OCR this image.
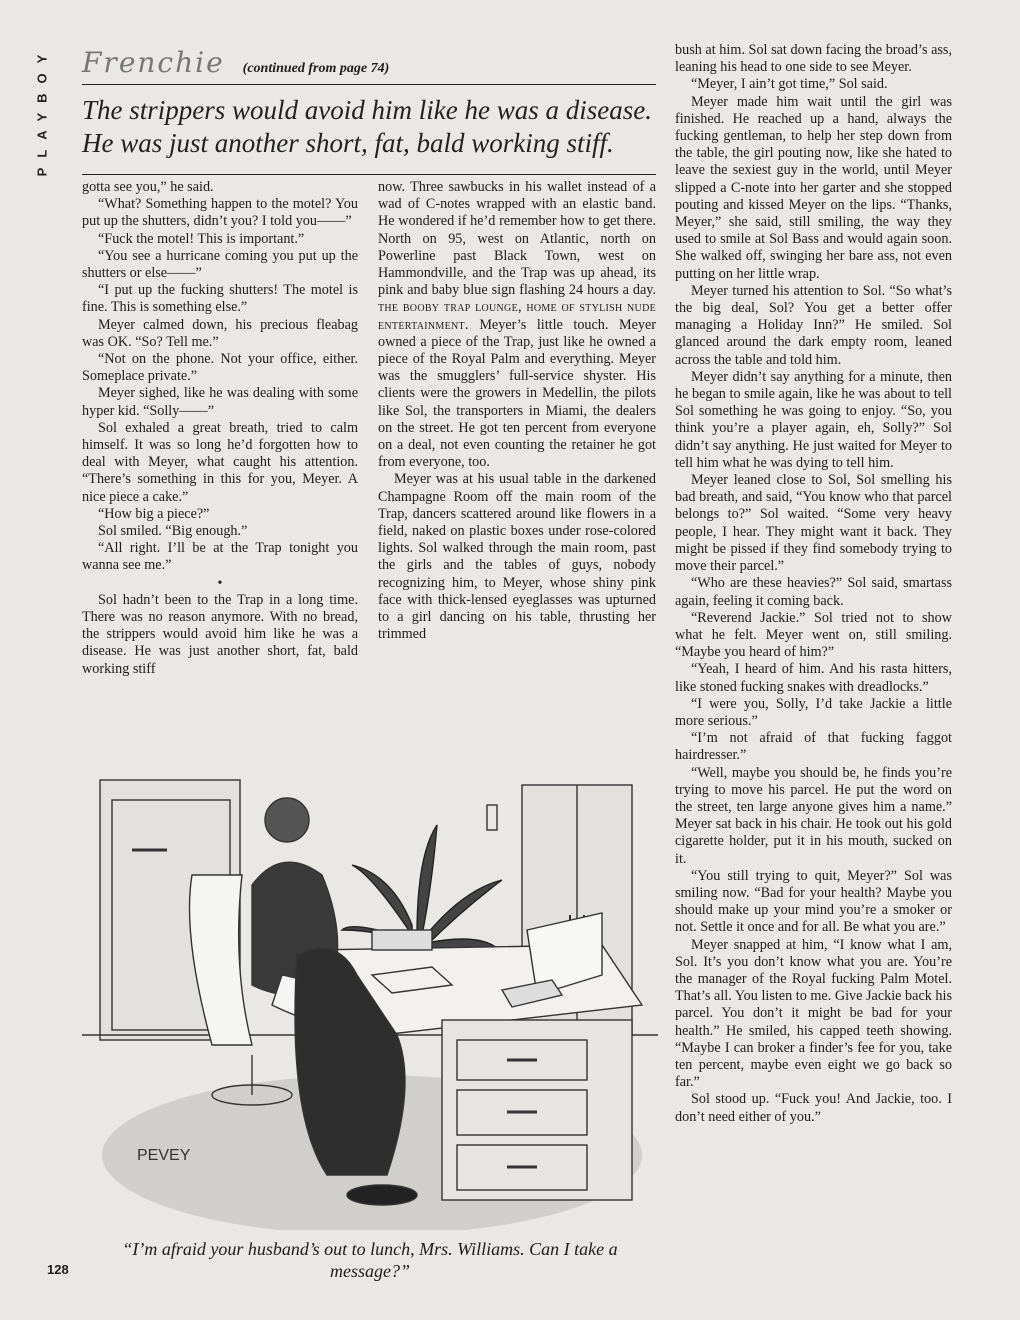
PLAYBOY Frenchie (continued from page 74)
The strippers would avoid him like he was a disease. He was just another short, fat, bald working stiff.

gotta see you,” he said.

“What? Something happen to the motel? You put up the shutters, didn’t you? I told you——”

“Fuck the motel! This is important.”

“You see a hurricane coming you put up the shutters or else——”

“I put up the fucking shutters! The motel is fine. This is something else.”

Meyer calmed down, his precious fleabag was OK. “So? Tell me.”

“Not on the phone. Not your office, either. Someplace private.”

Meyer sighed, like he was dealing with some hyper kid. “Solly——”

Sol exhaled a great breath, tried to calm himself. It was so long he’d forgotten how to deal with Meyer, what caught his attention. “There’s something in this for you, Meyer. A nice piece a cake.”

“How big a piece?”

Sol smiled. “Big enough.”

“All right. I’ll be at the Trap tonight you wanna see me.”

•

Sol hadn’t been to the Trap in a long time. There was no reason anymore. With no bread, the strippers would avoid him like he was a disease. He was just another short, fat, bald working stiff

now. Three sawbucks in his wallet instead of a wad of C-notes wrapped with an elastic band. He wondered if he’d remember how to get there. North on 95, west on Atlantic, north on Powerline past Black Town, west on Hammondville, and the Trap was up ahead, its pink and baby blue sign flashing 24 hours a day. the booby trap lounge, home of stylish nude entertainment. Meyer’s little touch. Meyer owned a piece of the Trap, just like he owned a piece of the Royal Palm and everything. Meyer was the smugglers’ full-service shyster. His clients were the growers in Medellin, the pilots like Sol, the transporters in Miami, the dealers on the street. He got ten percent from everyone on a deal, not even counting the retainer he got from everyone, too.

Meyer was at his usual table in the darkened Champagne Room off the main room of the Trap, dancers scattered around like flowers in a field, naked on plastic boxes under rose-colored lights. Sol walked through the main room, past the girls and the tables of guys, nobody recognizing him, to Meyer, whose shiny pink face with thick-lensed eyeglasses was upturned to a girl dancing on his table, thrusting her trimmed

bush at him. Sol sat down facing the broad’s ass, leaning his head to one side to see Meyer.

“Meyer, I ain’t got time,” Sol said.

Meyer made him wait until the girl was finished. He reached up a hand, always the fucking gentleman, to help her step down from the table, the girl pouting now, like she hated to leave the sexiest guy in the world, until Meyer slipped a C-note into her garter and she stopped pouting and kissed Meyer on the lips. “Thanks, Meyer,” she said, still smiling, the way they used to smile at Sol Bass and would again soon. She walked off, swinging her bare ass, not even putting on her little wrap.

Meyer turned his attention to Sol. “So what’s the big deal, Sol? You get a better offer managing a Holiday Inn?” He smiled. Sol glanced around the dark empty room, leaned across the table and told him.

Meyer didn’t say anything for a minute, then he began to smile again, like he was about to tell Sol something he was going to enjoy. “So, you think you’re a player again, eh, Solly?” Sol didn’t say anything. He just waited for Meyer to tell him what he was dying to tell him.

Meyer leaned close to Sol, Sol smelling his bad breath, and said, “You know who that parcel belongs to?” Sol waited. “Some very heavy people, I hear. They might want it back. They might be pissed if they find somebody trying to move their parcel.”

“Who are these heavies?” Sol said, smartass again, feeling it coming back.

“Reverend Jackie.” Sol tried not to show what he felt. Meyer went on, still smiling. “Maybe you heard of him?”

“Yeah, I heard of him. And his rasta hitters, like stoned fucking snakes with dreadlocks.”

“I were you, Solly, I’d take Jackie a little more serious.”

“I’m not afraid of that fucking faggot hairdresser.”

“Well, maybe you should be, he finds you’re trying to move his parcel. He put the word on the street, ten large anyone gives him a name.” Meyer sat back in his chair. He took out his gold cigarette holder, put it in his mouth, sucked on it.

“You still trying to quit, Meyer?” Sol was smiling now. “Bad for your health? Maybe you should make up your mind you’re a smoker or not. Settle it once and for all. Be what you are.”

Meyer snapped at him, “I know what I am, Sol. It’s you don’t know what you are. You’re the manager of the Royal fucking Palm Motel. That’s all. You listen to me. Give Jackie back his parcel. You don’t it might be bad for your health.” He smiled, his capped teeth showing. “Maybe I can broker a finder’s fee for you, take ten percent, maybe even eight we go back so far.”

Sol stood up. “Fuck you! And Jackie, too. I don’t need either of you.”

PEVEY
“I’m afraid your husband’s out to lunch, Mrs. Williams. Can I take a message?”
128
